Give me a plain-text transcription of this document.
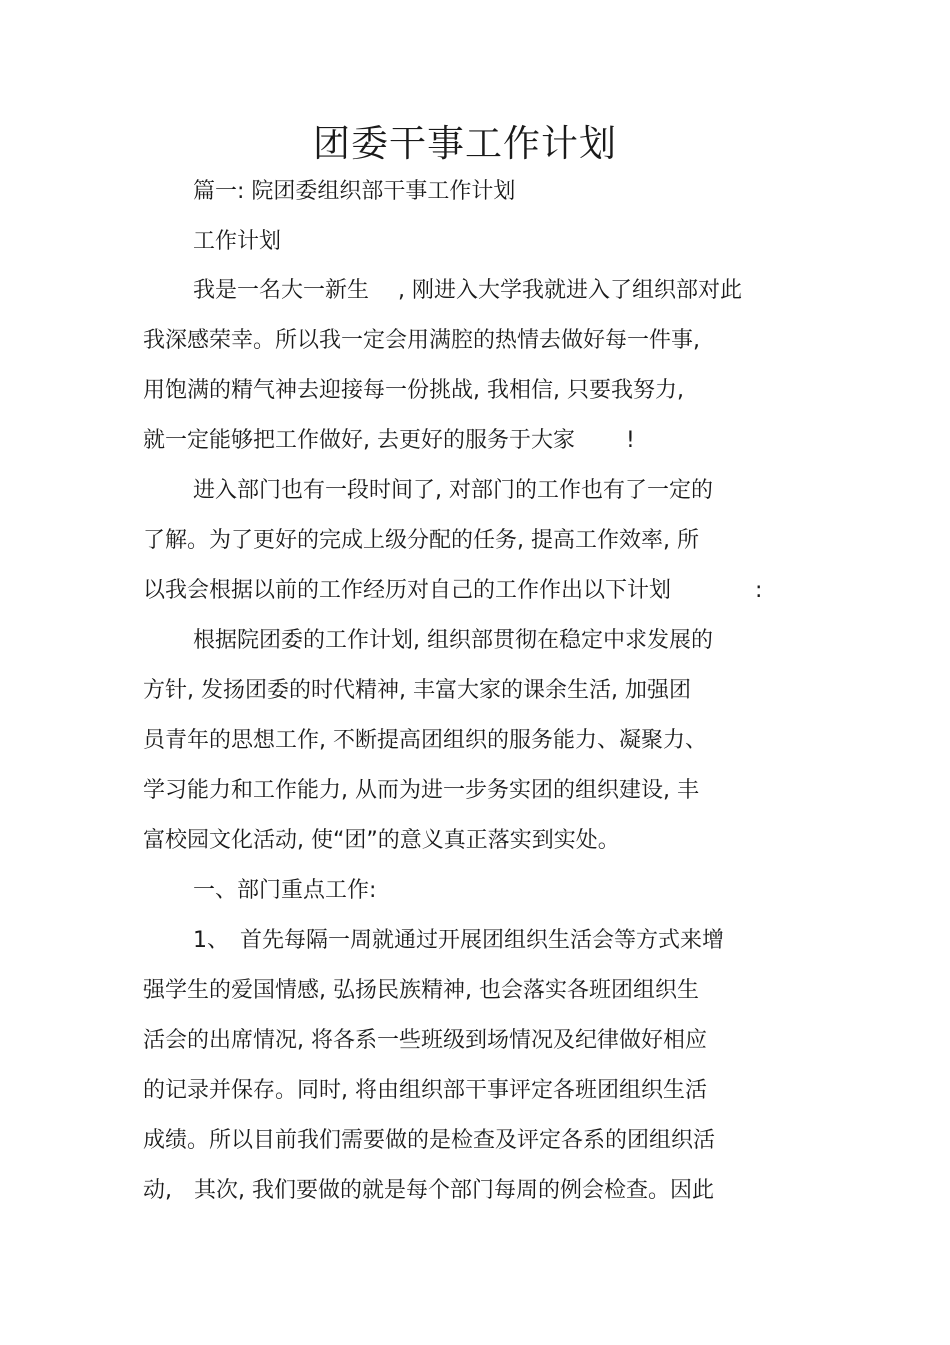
团委干事工作计划

篇一: 院团委组织部干事工作计划

工作计划

我是一名大一新生　 , 刚进入大学我就进入了组织部对此

我深感荣幸。所以我一定会用满腔的热情去做好每一件事,

用饱满的精气神去迎接每一份挑战, 我相信, 只要我努力,

就一定能够把工作做好, 去更好的服务于大家　　 !

进入部门也有一段时间了, 对部门的工作也有了一定的

了解。为了更好的完成上级分配的任务, 提高工作效率, 所

以我会根据以前的工作经历对自己的工作作出以下计划	:

根据院团委的工作计划, 组织部贯彻在稳定中求发展的

方针, 发扬团委的时代精神, 丰富大家的课余生活, 加强团

员青年的思想工作, 不断提高团组织的服务能力、凝聚力、

学习能力和工作能力, 从而为进一步务实团的组织建设, 丰

富校园文化活动, 使“团”的意义真正落实到实处。

一、部门重点工作:

1、　首先每隔一周就通过开展团组织生活会等方式来增

强学生的爱国情感, 弘扬民族精神, 也会落实各班团组织生

活会的出席情况, 将各系一些班级到场情况及纪律做好相应

的记录并保存。同时, 将由组织部干事评定各班团组织生活

成绩。所以目前我们需要做的是检查及评定各系的团组织活

动,　其次, 我们要做的就是每个部门每周的例会检查。因此
